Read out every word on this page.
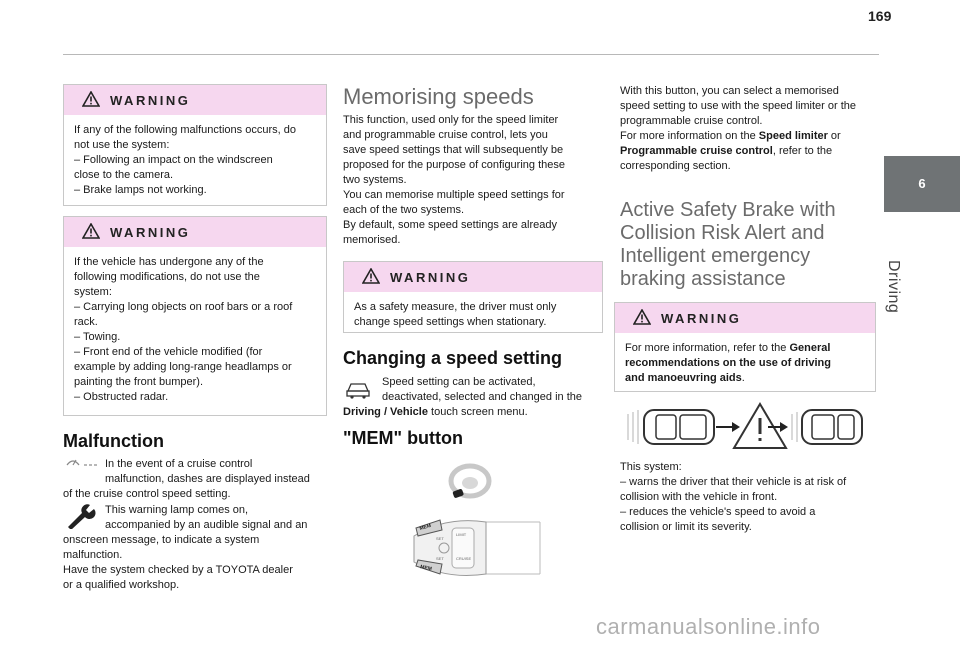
169
6
Driving
WARNING
If any of the following malfunctions occurs, do
not use the system:
– Following an impact on the windscreen
close to the camera.
– Brake lamps not working.
WARNING
If the vehicle has undergone any of the
following modifications, do not use the
system:
– Carrying long objects on roof bars or a roof
rack.
– Towing.
– Front end of the vehicle modified (for
example by adding long-range headlamps or
painting the front bumper).
– Obstructed radar.
Malfunction
In the event of a cruise control
malfunction, dashes are displayed instead
of the cruise control speed setting.
This warning lamp comes on,
accompanied by an audible signal and an
onscreen message, to indicate a system
malfunction.
Have the system checked by a TOYOTA dealer
or a qualified workshop.
Memorising speeds
This function, used only for the speed limiter
and programmable cruise control, lets you
save speed settings that will subsequently be
proposed for the purpose of configuring these
two systems.
You can memorise multiple speed settings for
each of the two systems.
By default, some speed settings are already
memorised.
WARNING
As a safety measure, the driver must only
change speed settings when stationary.
Changing a speed setting
Speed setting can be activated,
deactivated, selected and changed in the
Driving / Vehicle touch screen menu.
"MEM" button
MEM
SET
SET
MEM
CRUISE
LIMIT
With this button, you can select a memorised
speed setting to use with the speed limiter or the
programmable cruise control.
For more information on the Speed limiter or
Programmable cruise control, refer to the
corresponding section.
Active Safety Brake with
Collision Risk Alert and
Intelligent emergency
braking assistance
WARNING
For more information, refer to the General
recommendations on the use of driving
and manoeuvring aids.
This system:
– warns the driver that their vehicle is at risk of
collision with the vehicle in front.
– reduces the vehicle's speed to avoid a
collision or limit its severity.
carmanualsonline.info
